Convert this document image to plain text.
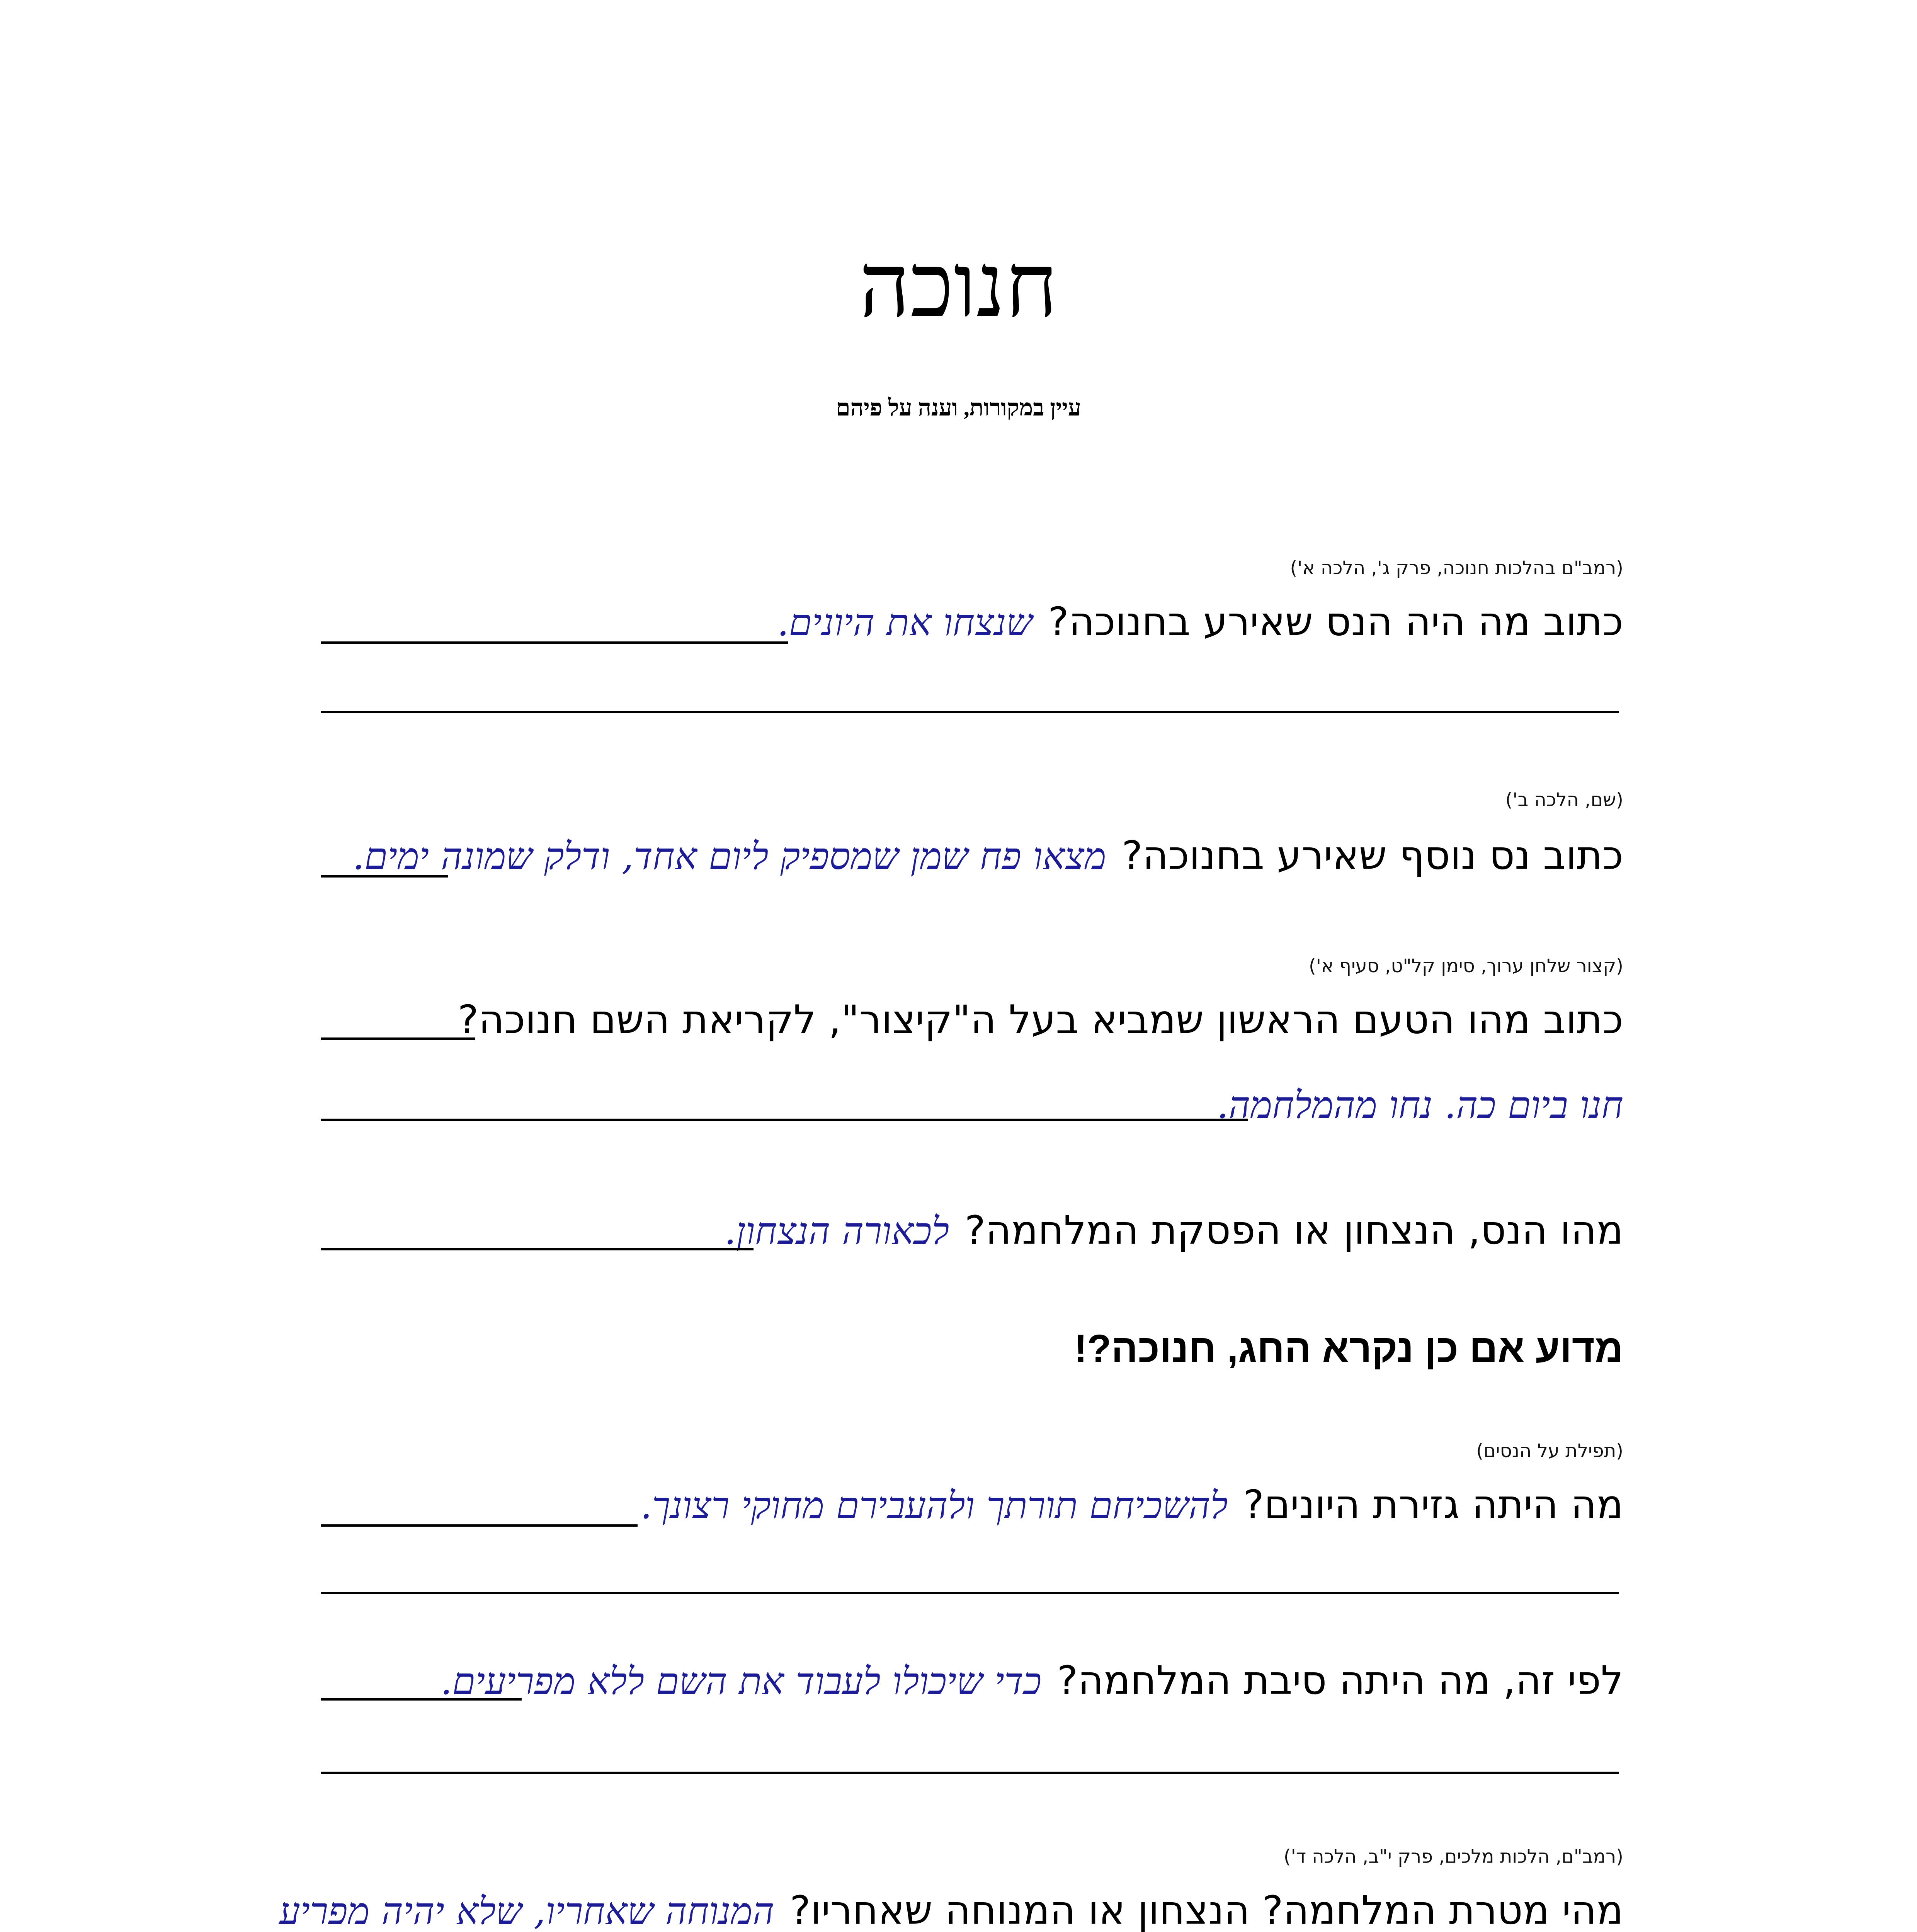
חנוכה
עיין במקורות, וענה על פיהם
(רמב"ם בהלכות חנוכה, פרק ג', הלכה א')
כתוב מה היה הנס שאירע בחנוכה?שנצחו את היונים.
(שם, הלכה ב')
כתוב נס נוסף שאירע בחנוכה?מצאו פח שמן שמספיק ליום אחד, ודלק שמונה ימים.
(קצור שלחן ערוך, סימן קל"ט, סעיף א')
כתוב מהו הטעם הראשון שמביא בעל ה"קיצור", לקריאת השם חנוכה?
חנו ביום כה. נחו מהמלחמה.
מהו הנס, הנצחון או הפסקת המלחמה?לכאורה הנצחון.
מדוע אם כן נקרא החג, חנוכה?!
(תפילת על הנסים)
מה היתה גזירת היונים?להשכיחם תורתך ולהעבירם מחוקי רצונך.
לפי זה, מה היתה סיבת המלחמה?כדי שיכולו לעבוד את השם ללא מפריעים.
(רמב"ם, הלכות מלכים, פרק י"ב, הלכה ד')
מהי מטרת המלחמה? הנצחון או המנוחה שאחריו?המנוחה שאחריו, שלא יהיה מפריע
